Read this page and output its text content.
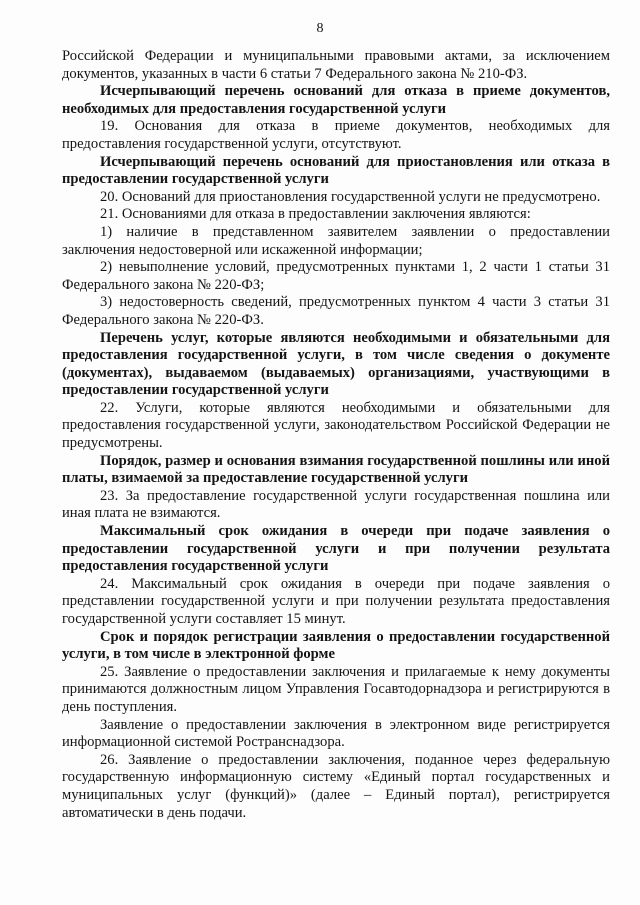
8

Российской Федерации и муниципальными правовыми актами, за исключением документов, указанных в части 6 статьи 7 Федерального закона № 210-ФЗ.

Исчерпывающий перечень оснований для отказа в приеме документов, необходимых для предоставления государственной услуги

19. Основания для отказа в приеме документов, необходимых для предоставления государственной услуги, отсутствуют.

Исчерпывающий перечень оснований для приостановления или отказа в предоставлении государственной услуги

20. Оснований для приостановления государственной услуги не предусмотрено.

21. Основаниями для отказа в предоставлении заключения являются:

1) наличие в представленном заявителем заявлении о предоставлении заключения недостоверной или искаженной информации;

2) невыполнение условий, предусмотренных пунктами 1, 2 части 1 статьи 31 Федерального закона № 220-ФЗ;

3) недостоверность сведений, предусмотренных пунктом 4 части 3 статьи 31 Федерального закона № 220-ФЗ.

Перечень услуг, которые являются необходимыми и обязательными для предоставления государственной услуги, в том числе сведения о документе (документах), выдаваемом (выдаваемых) организациями, участвующими в предоставлении государственной услуги

22. Услуги, которые являются необходимыми и обязательными для предоставления государственной услуги, законодательством Российской Федерации не предусмотрены.

Порядок, размер и основания взимания государственной пошлины или иной платы, взимаемой за предоставление государственной услуги

23. За предоставление государственной услуги государственная пошлина или иная плата не взимаются.

Максимальный срок ожидания в очереди при подаче заявления о предоставлении государственной услуги и при получении результата предоставления государственной услуги

24. Максимальный срок ожидания в очереди при подаче заявления о представлении государственной услуги и при получении результата предоставления государственной услуги составляет 15 минут.

Срок и порядок регистрации заявления о предоставлении государственной услуги, в том числе в электронной форме

25. Заявление о предоставлении заключения и прилагаемые к нему документы принимаются должностным лицом Управления Госавтодорнадзора и регистрируются в день поступления.

Заявление о предоставлении заключения в электронном виде регистрируется информационной системой Ространснадзора.

26. Заявление о предоставлении заключения, поданное через федеральную государственную информационную систему «Единый портал государственных и муниципальных услуг (функций)» (далее – Единый портал), регистрируется автоматически в день подачи.
